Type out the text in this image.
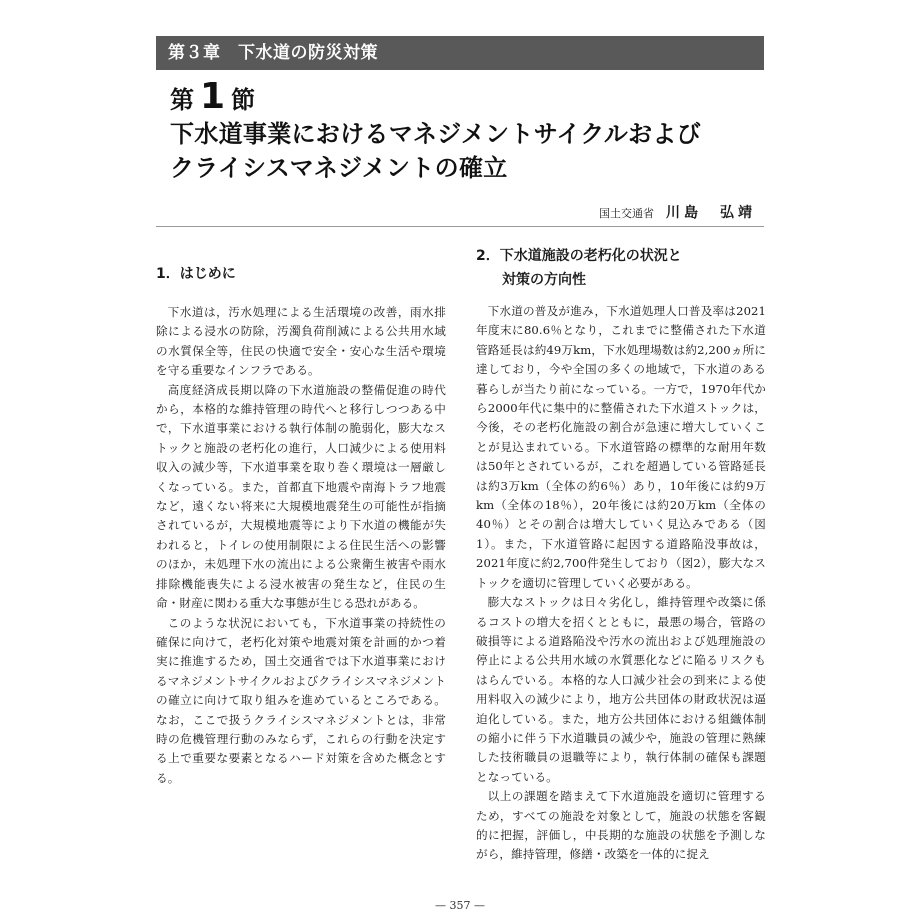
第３章　下水道の防災対策
第 1 節
下水道事業におけるマネジメントサイクルおよび
クライシスマネジメントの確立
国土交通省 川島　弘靖
1．はじめに

下水道は，汚水処理による生活環境の改善，雨水排除による浸水の防除，汚濁負荷削減による公共用水域の水質保全等，住民の快適で安全・安心な生活や環境を守る重要なインフラである。

高度経済成長期以降の下水道施設の整備促進の時代から，本格的な維持管理の時代へと移行しつつある中で，下水道事業における執行体制の脆弱化，膨大なストックと施設の老朽化の進行，人口減少による使用料収入の減少等，下水道事業を取り巻く環境は一層厳しくなっている。また，首都直下地震や南海トラフ地震など，遠くない将来に大規模地震発生の可能性が指摘されているが，大規模地震等により下水道の機能が失われると，トイレの使用制限による住民生活への影響のほか，未処理下水の流出による公衆衛生被害や雨水排除機能喪失による浸水被害の発生など，住民の生命・財産に関わる重大な事態が生じる恐れがある。

このような状況においても，下水道事業の持続性の確保に向けて，老朽化対策や地震対策を計画的かつ着実に推進するため，国土交通省では下水道事業におけるマネジメントサイクルおよびクライシスマネジメントの確立に向けて取り組みを進めているところである。なお，ここで扱うクライシスマネジメントとは，非常時の危機管理行動のみならず，これらの行動を決定する上で重要な要素となるハード対策を含めた概念とする。

2．下水道施設の老朽化の状況と
対策の方向性

下水道の普及が進み，下水道処理人口普及率は2021年度末に80.6％となり，これまでに整備された下水道管路延長は約49万km，下水処理場数は約2,200ヵ所に達しており，今や全国の多くの地域で，下水道のある暮らしが当たり前になっている。一方で，1970年代から2000年代に集中的に整備された下水道ストックは，今後，その老朽化施設の割合が急速に増大していくことが見込まれている。下水道管路の標準的な耐用年数は50年とされているが，これを超過している管路延長は約3万km（全体の約6％）あり，10年後には約9万km（全体の18％），20年後には約20万km（全体の40％）とその割合は増大していく見込みである（図1）。また，下水道管路に起因する道路陥没事故は，2021年度に約2,700件発生しており（図2），膨大なストックを適切に管理していく必要がある。

膨大なストックは日々劣化し，維持管理や改築に係るコストの増大を招くとともに，最悪の場合，管路の破損等による道路陥没や汚水の流出および処理施設の停止による公共用水域の水質悪化などに陥るリスクもはらんでいる。本格的な人口減少社会の到来による使用料収入の減少により，地方公共団体の財政状況は逼迫化している。また，地方公共団体における組織体制の縮小に伴う下水道職員の減少や，施設の管理に熟練した技術職員の退職等により，執行体制の確保も課題となっている。

以上の課題を踏まえて下水道施設を適切に管理するため，すべての施設を対象として，施設の状態を客観的に把握，評価し，中長期的な施設の状態を予測しながら，維持管理，修繕・改築を一体的に捉え

— 357 —
